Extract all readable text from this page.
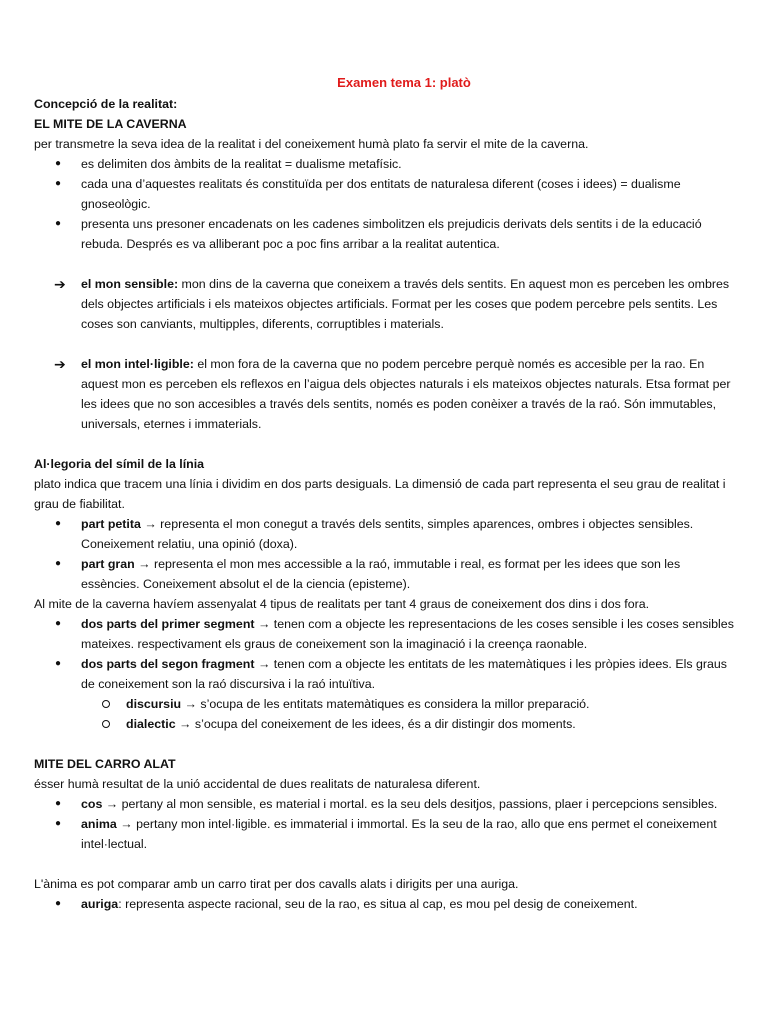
Examen tema 1: platò

Concepció de la realitat:

EL MITE DE LA CAVERNA

per transmetre la seva idea de la realitat i del coneixement humà plato fa servir el mite de la caverna.

● es delimiten dos àmbits de la realitat = dualisme metafísic.
● cada una d’aquestes realitats és constituïda per dos entitats de naturalesa diferent (coses i idees) = dualisme gnoseològic.
● presenta uns presoner encadenats on les cadenes simbolitzen els prejudicis derivats dels sentits i de la educació rebuda. Després es va alliberant poc a poc fins arribar a la realitat autentica.
➔ el mon sensible: mon dins de la caverna que coneixem a través dels sentits. En aquest mon es perceben les ombres dels objectes artificials i els mateixos objectes artificials. Format per les coses que podem percebre pels sentits. Les coses son canviants, multipples, diferents, corruptibles i materials.
➔ el mon intel·ligible: el mon fora de la caverna que no podem percebre perquè només es accesible per la rao. En aquest mon es perceben els reflexos en l’aigua dels objectes naturals i els mateixos objectes naturals. Etsa format per les idees que no son accesibles a través dels sentits, només es poden conèixer a través de la raó. Són immutables, universals, eternes i immaterials.

Al·legoria del símil de la línia

plato indica que tracem una línia i dividim en dos parts desiguals. La dimensió de cada part representa el seu grau de realitat i grau de fiabilitat.

● part petita → representa el mon conegut a través dels sentits, simples aparences, ombres i objectes sensibles. Coneixement relatiu, una opinió (doxa).
● part gran → representa el mon mes accessible a la raó, immutable i real, es format per les idees que son les essències. Coneixement absolut el de la ciencia (episteme).

Al mite de la caverna havíem assenyalat 4 tipus de realitats per tant 4 graus de coneixement dos dins i dos fora.

● dos parts del primer segment → tenen com a objecte les representacions de les coses sensible i les coses sensibles mateixes. respectivament els graus de coneixement son la imaginació i la creença raonable.
● dos parts del segon fragment → tenen com a objecte les entitats de les matemàtiques i les pròpies idees. Els graus de coneixement son la raó discursiva i la raó intuïtiva.
discursiu → s’ocupa de les entitats matemàtiques es considera la millor preparació.
dialectic → s’ocupa del coneixement de les idees, és a dir distingir dos moments.

MITE DEL CARRO ALAT

ésser humà resultat de la unió accidental de dues realitats de naturalesa diferent.

● cos → pertany al mon sensible, es material i mortal. es la seu dels desitjos, passions, plaer i percepcions sensibles.
● anima → pertany mon intel·ligible. es immaterial i immortal. Es la seu de la rao, allo que ens permet el coneixement intel·lectual.

L'ànima es pot comparar amb un carro tirat per dos cavalls alats i dirigits per una auriga.

● auriga: representa aspecte racional, seu de la rao, es situa al cap, es mou pel desig de coneixement.
